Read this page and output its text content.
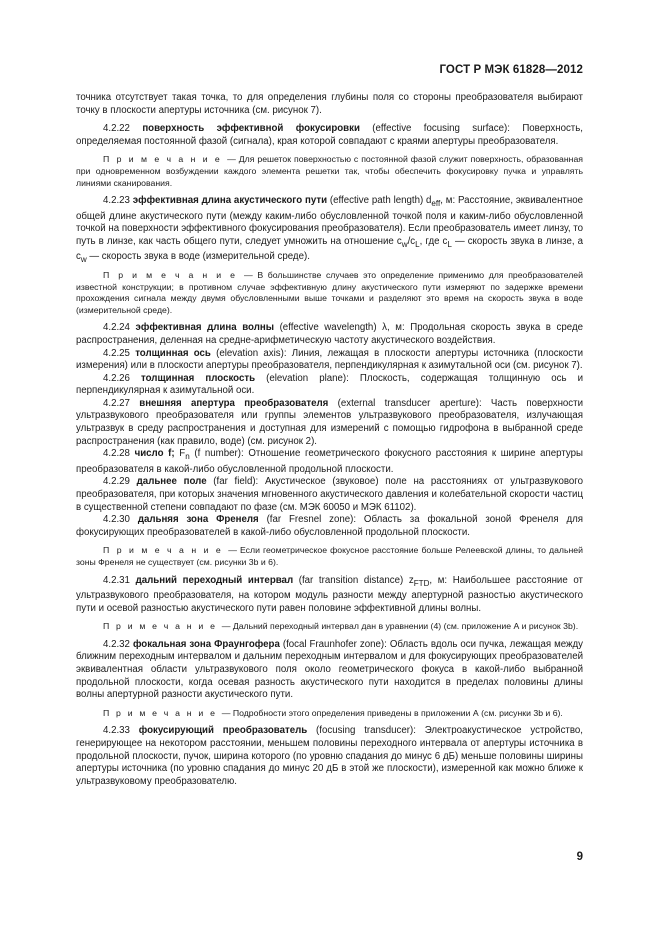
ГОСТ Р МЭК 61828—2012

точника отсутствует такая точка, то для определения глубины поля со стороны преобразователя выбирают точку в плоскости апертуры источника (см. рисунок 7).

4.2.22 поверхность эффективной фокусировки (effective focusing surface): Поверхность, определяемая постоянной фазой (сигнала), края которой совпадают с краями апертуры преобразователя.

П р и м е ч а н и е — Для решеток поверхностью с постоянной фазой служит поверхность, образованная при одновременном возбуждении каждого элемента решетки так, чтобы обеспечить фокусировку пучка и управлять линиями сканирования.

4.2.23 эффективная длина акустического пути (effective path length) $d_{eff}$, м: Расстояние, эквивалентное общей длине акустического пути (между каким-либо обусловленной точкой поля и каким-либо обусловленной точкой на поверхности эффективного фокусирования преобразователя). Если преобразователь имеет линзу, то путь в линзе, как часть общего пути, следует умножить на отношение $c_w/c_L$, где $c_L$ — скорость звука в линзе, а $c_w$ — скорость звука в воде (измерительной среде).

П р и м е ч а н и е — В большинстве случаев это определение применимо для преобразователей известной конструкции; в противном случае эффективную длину акустического пути измеряют по задержке времени прохождения сигнала между двумя обусловленными выше точками и разделяют это время на скорость звука в воде (измерительной среде).

4.2.24 эффективная длина волны (effective wavelength) λ, м: Продольная скорость звука в среде распространения, деленная на средне-арифметическую частоту акустического воздействия.

4.2.25 толщинная ось (elevation axis): Линия, лежащая в плоскости апертуры источника (плоскости измерения) или в плоскости апертуры преобразователя, перпендикулярная к азимутальной оси (см. рисунок 7).

4.2.26 толщинная плоскость (elevation plane): Плоскость, содержащая толщинную ось и перпендикулярная к азимутальной оси.

4.2.27 внешняя апертура преобразователя (external transducer aperture): Часть поверхности ультразвукового преобразователя или группы элементов ультразвукового преобразователя, излучающая ультразвук в среду распространения и доступная для измерений с помощью гидрофона в выбранной среде распространения (как правило, воде) (см. рисунок 2).

4.2.28 число f; $F_n$ (f number): Отношение геометрического фокусного расстояния к ширине апертуры преобразователя в какой-либо обусловленной продольной плоскости.

4.2.29 дальнее поле (far field): Акустическое (звуковое) поле на расстояниях от ультразвукового преобразователя, при которых значения мгновенного акустического давления и колебательной скорости частиц в существенной степени совпадают по фазе (см. МЭК 60050 и МЭК 61102).

4.2.30 дальняя зона Френеля (far Fresnel zone): Область за фокальной зоной Френеля для фокусирующих преобразователей в какой-либо обусловленной продольной плоскости.

П р и м е ч а н и е — Если геометрическое фокусное расстояние больше Релеевской длины, то дальней зоны Френеля не существует (см. рисунки 3b и 6).

4.2.31 дальний переходный интервал (far transition distance) $z_{FTD}$, м: Наибольшее расстояние от ультразвукового преобразователя, на котором модуль разности между апертурной разностью акустического пути и осевой разностью акустического пути равен половине эффективной длины волны.

П р и м е ч а н и е — Дальний переходный интервал дан в уравнении (4) (см. приложение А и рисунок 3b).

4.2.32 фокальная зона Фраунгофера (focal Fraunhofer zone): Область вдоль оси пучка, лежащая между ближним переходным интервалом и дальним переходным интервалом и для фокусирующих преобразователей эквивалентная области ультразвукового поля около геометрического фокуса в какой-либо выбранной продольной плоскости, когда осевая разность акустического пути находится в пределах половины длины волны апертурной разности акустического пути.

П р и м е ч а н и е — Подробности этого определения приведены в приложении А (см. рисунки 3b и 6).

4.2.33 фокусирующий преобразователь (focusing transducer): Электроакустическое устройство, генерирующее на некотором расстоянии, меньшем половины переходного интервала от апертуры источника в продольной плоскости, пучок, ширина которого (по уровню спадания до минус 6 дБ) меньше половины ширины апертуры источника (по уровню спадания до минус 20 дБ в этой же плоскости), измеренной как можно ближе к ультразвуковому преобразователю.

9
